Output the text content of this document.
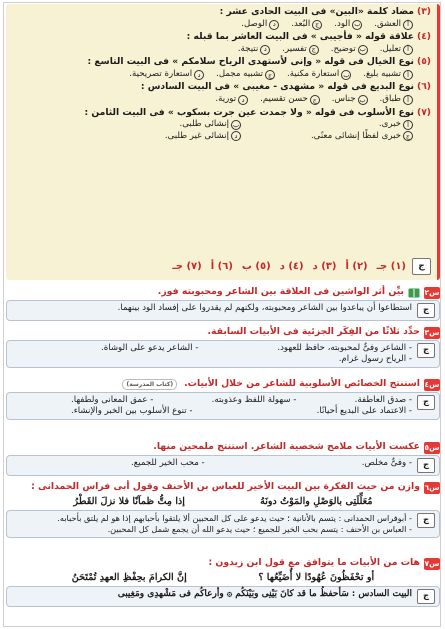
(٣)
مضاد كلمة «البين» فى البيت الحادى عشر :
أ
العشق.
ب
الود.
ج
البُعد.
د
الوصل.
(٤)
علاقة قوله « فأجيبى » فى البيت العاشر بما قبله :
أ
تعليل.
ب
توضيح.
ج
تفسير.
د
نتيجة.
(٥)
نوع الخيال فى قوله « وإنى لأستهدى الرياح سلامكم » فى البيت التاسع :
أ
تشبيه بليغ.
ب
استعارة مكنية.
ج
تشبيه مجمل.
د
استعارة تصريحية.
(٦)
نوع البديع فى قوله « مشهدى - مغيبى » فى البيت السادس :
أ
طباق.
ب
جناس.
ج
حسن تقسيم.
د
تورية.
(٧)
نوع الأسلوب فى قوله « ولا جمدت عين جرت بسكوب » فى البيت الثامن :
أ
خبرى.
ب
إنشائى طلبى.
ج
خبرى لفظًا إنشائى معنًى.
د
إنشائى غير طلبى.
ج
(١) جـ
(٢) أ
(٣) د
(٤) د
(٥) ب
(٦) أ
(٧) جـ
س٢
بيِّن أثر الواشين فى العلاقة بين الشاعر ومحبوبته فوز.
ج
استطاعوا أن يباعدوا بين الشاعر ومحبوبته، ولكنهم لم يقدروا على إفساد الود بينهما.
س٣
حدِّد ثلاثًا من الفِكَر الجزئية فى الأبيات السابقة.
ج
- الشاعر وفىٌّ لمحبوبته، حافظ للعهود.
- الشاعر يدعو على الوشاة.
- الرياح رسول غرام.
س٤
استنتج الخصائص الأسلوبية للشاعر من خلال الأبيات.
(كتاب المدرسة)
ج
- صدق العاطفة.
- سهولة اللفظ وعذوبته.
- عمق المعانى ولطفها.
- الاعتماد على البديع أحيانًا.
- تنوع الأسلوب بين الخبر والإنشاء.
س٥
عكست الأبيات ملامح شخصية الشاعر. استنتج ملمحين منها.
ج
- وفىٌّ مخلص.
- محب الخير للجميع.
س٦
وازن من حيث الفكرة بين البيت الأخير للعباس بن الأحنف وقول أبى فراس الحمدانى :
مُعَلِّلَتِى بالوَصْلِ والمَوْتُ دونَهُ
إذا مِتُّ ظمآنًا فلا نزلَ القَطْرُ
ج
- أبوفراس الحمدانى : يتسم بالأنانية ؛ حيث يدعو على كل المحبين ألا يلتقوا بأحبابهم إذا هو لم يلتق بأحبابه.
- العباس بن الأحنف : يتسم بحب الخير للجميع ؛ حيث يدعو الله أن يجمع شمل كل المحبين.
س٧
هات من الأبيات ما يتوافق مع قول ابن زيدون :
أو تحْفَظُونَ عُهُودًا لا أُضَيِّعُها ؟
إنَّ الكرامَ بحِفْظِ العهدِ تُمْتَحَنُ
ج
البيت السادس : سَأحفظُ ما قد كانَ بَيْنِى وبَيْنَكُم ۞ وأرعاكُم فى مَشْهدِى ومَغِيبى
